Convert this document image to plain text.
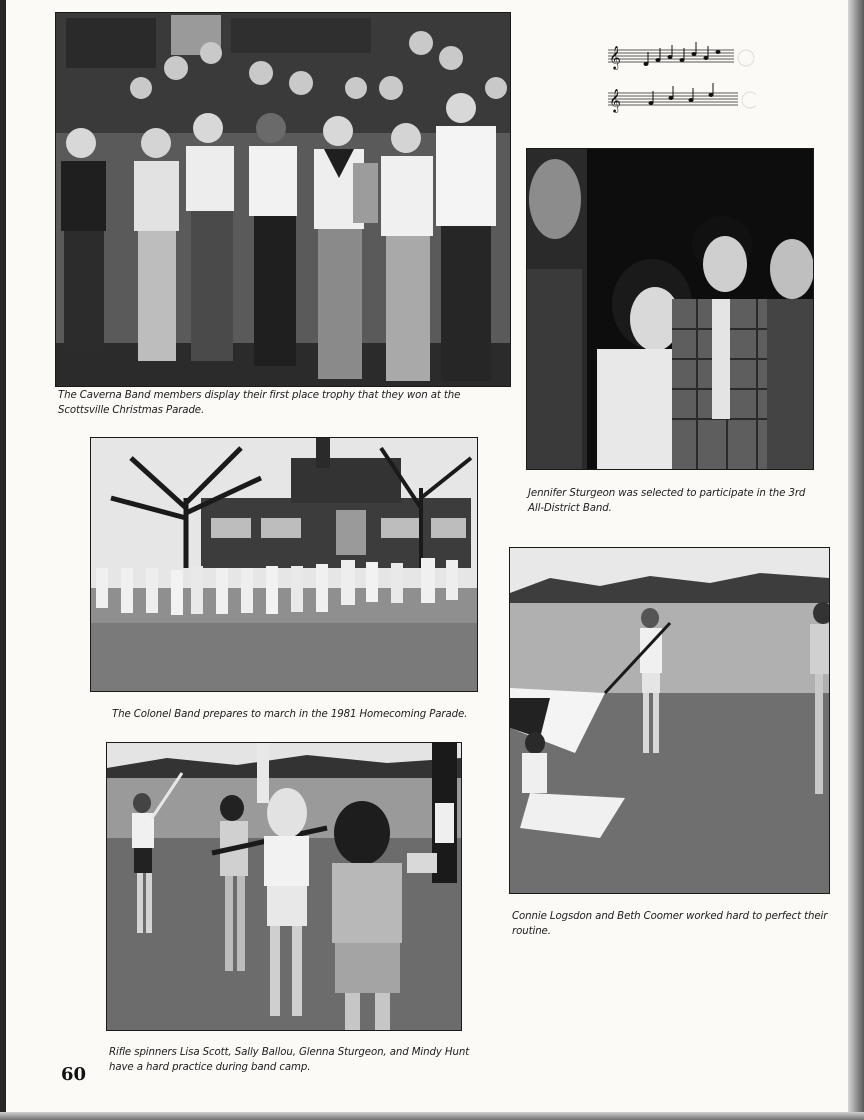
The Caverna Band members display their first place trophy that they won at the Scottsville Christmas Parade.
𝄞
𝄞
Jennifer Sturgeon was selected to participate in the 3rd All-District Band.
The Colonel Band prepares to march in the 1981 Homecoming Parade.
Connie Logsdon and Beth Coomer worked hard to perfect their routine.
Rifle spinners Lisa Scott, Sally Ballou, Glenna Sturgeon, and Mindy Hunt have a hard practice during band camp.
60
